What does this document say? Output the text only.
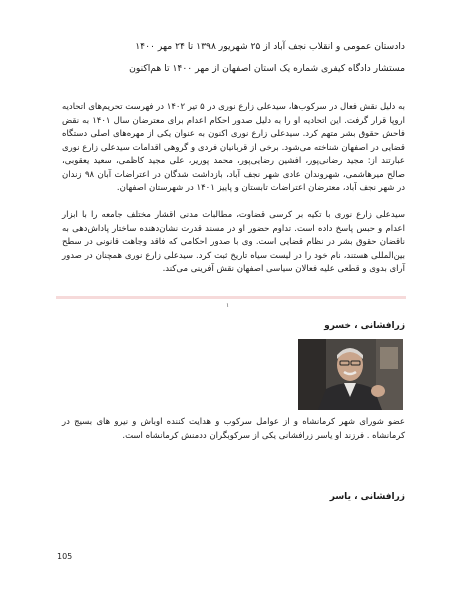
دادستان عمومی و انقلاب نجف آباد از ۲۵ شهریور ۱۳۹۸ تا ۲۴ مهر ۱۴۰۰
مستشار دادگاه کیفری شماره یک استان اصفهان از مهر ۱۴۰۰ تا هم‌اکنون
به دلیل نقش فعال در سرکوب‌ها، سیدعلی زارع نوری در ۵ تیر ۱۴۰۲ در فهرست تحریم‌های اتحادیه اروپا قرار گرفت. این اتحادیه او را به دلیل صدور احکام اعدام برای معترضان سال ۱۴۰۱ به نقض فاحش حقوق بشر متهم کرد. سیدعلی زارع نوری اکنون به عنوان یکی از مهره‌های اصلی دستگاه قضایی در اصفهان شناخته می‌شود. برخی از قربانیان فردی و گروهی اقدامات سیدعلی زارع نوری عبارتند از: مجید رضانی‌پور، افشین رضایی‌پور، محمد پوریر، علی مجید کاظمی، سعید یعقوبی، صالح میرهاشمی، شهروندان عادی شهر نجف آباد، بازداشت شدگان در اعتراضات آبان ۹۸ زندان در شهر نجف آباد، معترضان اعتراضات تابستان و پاییز ۱۴۰۱ در شهرستان اصفهان.
سیدعلی زارع نوری با تکیه بر کرسی قضاوت، مطالبات مدنی اقشار مختلف جامعه را با ابزار اعدام و حبس پاسخ داده است. تداوم حضور او در مسند قدرت نشان‌دهنده ساختار پاداش‌دهی به ناقضان حقوق بشر در نظام قضایی است. وی با صدور احکامی که فاقد وجاهت قانونی در سطح بین‌المللی هستند، نام خود را در لیست سیاه تاریخ ثبت کرد. سیدعلی زارع نوری همچنان در صدور آرای بدوی و قطعی علیه فعالان سیاسی اصفهان نقش آفرینی می‌کند.
۱
زرافشانی ، خسرو
عضو شورای شهر کرمانشاه و از عوامل سرکوب و هدایت کننده اوباش و نیرو های بسیج در کرمانشاه . فرزند او یاسر زرافشانی یکی از سرکوبگران ددمنش کرمانشاه است.
زرافشانی ، یاسر
105
